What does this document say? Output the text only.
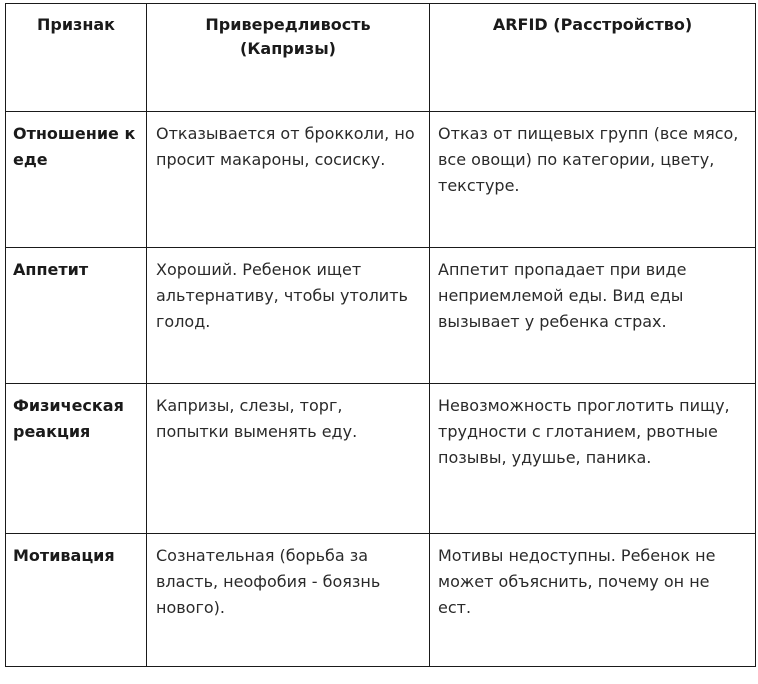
Признак	Привередливость (Капризы)	ARFID (Расстройство)

Отношение к еде	Отказывается от брокколи, но просит макароны, сосиску.	Отказ от пищевых групп (все мясо, все овощи) по категории, цвету, текстуре.
Аппетит	Хороший. Ребенок ищет альтернативу, чтобы утолить голод.	Аппетит пропадает при виде неприемлемой еды. Вид еды вызывает у ребенка страх.
Физическая реакция	Капризы, слезы, торг, попытки выменять еду.	Невозможность проглотить пищу, трудности с глотанием, рвотные позывы, удушье, паника.
Мотивация	Сознательная (борьба за власть, неофобия - боязнь нового).	Мотивы недоступны. Ребенок не может объяснить, почему он не ест.
